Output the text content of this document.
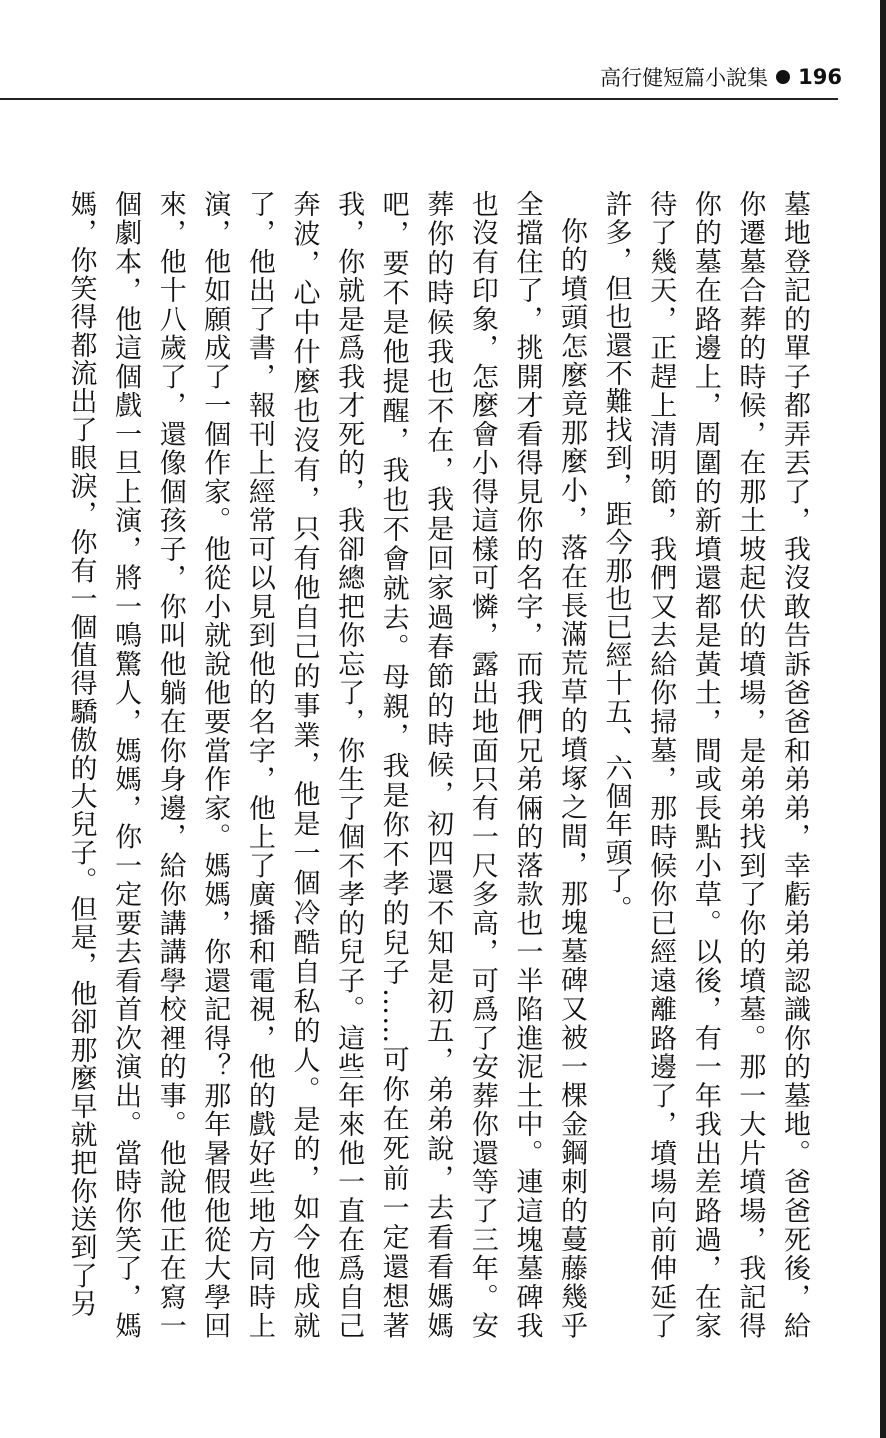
高行健短篇小說集 196

墓地登記的單子都弄丟了，我沒敢告訴爸爸和弟弟，幸虧弟弟認識你的墓地。爸爸死後，給你遷墓合葬的時候，在那土坡起伏的墳場，是弟弟找到了你的墳墓。那一大片墳場，我記得你的墓在路邊上，周圍的新墳還都是黃土，間或長點小草。以後，有一年我出差路過，在家待了幾天，正趕上清明節，我們又去給你掃墓，那時候你已經遠離路邊了，墳場向前伸延了許多，但也還不難找到，距今那也已經十五、六個年頭了。

你的墳頭怎麼竟那麼小，落在長滿荒草的墳塚之間，那塊墓碑又被一棵金鋼刺的蔓藤幾乎全擋住了，挑開才看得見你的名字，而我們兄弟倆的落款也一半陷進泥土中。連這塊墓碑我也沒有印象，怎麼會小得這樣可憐，露出地面只有一尺多高，可爲了安葬你還等了三年。安葬你的時候我也不在，我是回家過春節的時候，初四還不知是初五，弟弟說，去看看媽媽吧，要不是他提醒，我也不會就去。母親，我是你不孝的兒子……可你在死前一定還想著我，你就是爲我才死的，我卻總把你忘了，你生了個不孝的兒子。這些年來他一直在爲自己奔波，心中什麼也沒有，只有他自己的事業，他是一個冷酷自私的人。是的，如今他成就了，他出了書，報刊上經常可以見到他的名字，他上了廣播和電視，他的戲好些地方同時上演，他如願成了一個作家。他從小就說他要當作家。媽媽，你還記得？那年暑假他從大學回來，他十八歲了，還像個孩子，你叫他躺在你身邊，給你講講學校裡的事。他說他正在寫一個劇本，他這個戲一旦上演，將一鳴驚人，媽媽，你一定要去看首次演出。當時你笑了，媽媽，你笑得都流出了眼淚，你有一個值得驕傲的大兒子。但是，他卻那麼早就把你送到了另
